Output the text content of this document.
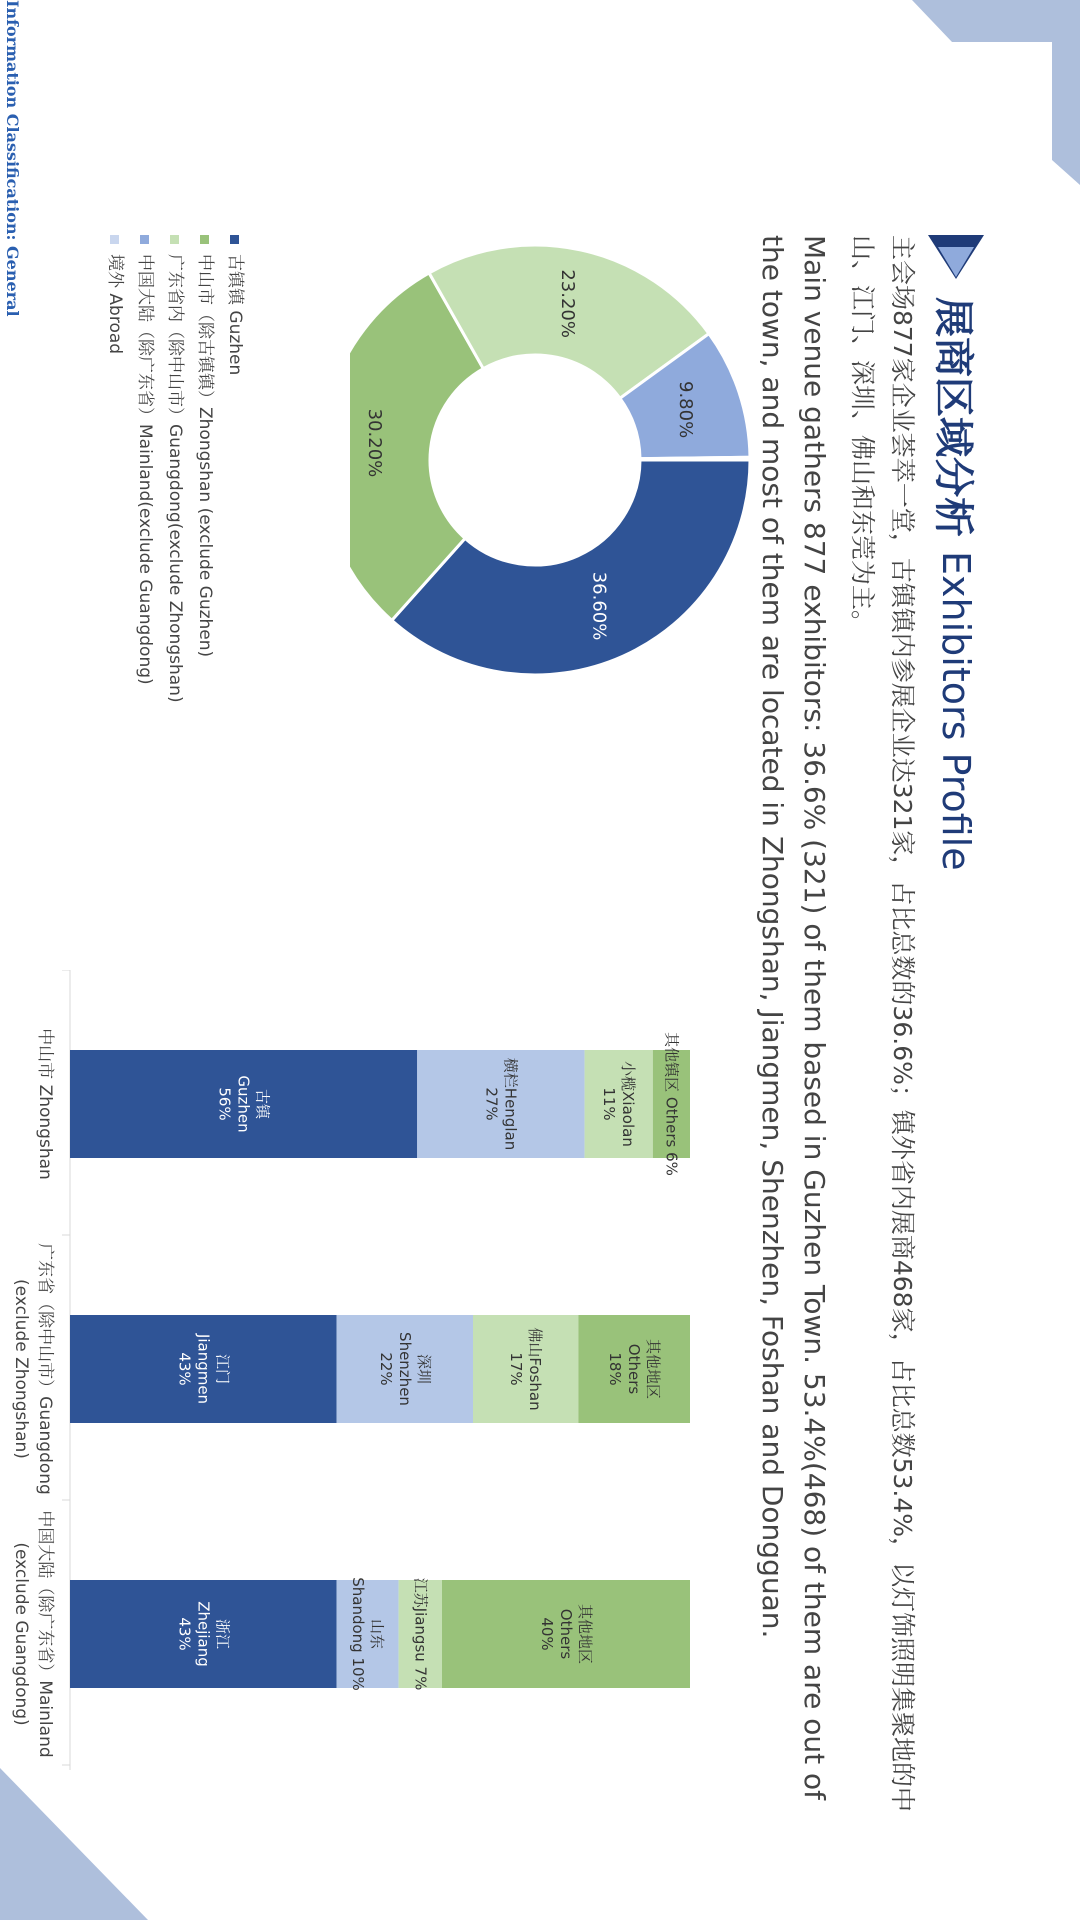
展商区域分析
Exhibitors Profile
主会场877家企业荟萃一堂，古镇镇内参展企业达321家，占比总数的36.6%；镇外省内展商468家，占比总数53.4%，以灯饰照明集聚地的中山、江门、深圳、佛山和东莞为主。
Main venue gathers 877 exhibitors: 36.6% (321) of them based in Guzhen Town. 53.4%(468) of them are out of the town, and most of them are located in Zhongshan, Jiangmen, Shenzhen, Foshan and Dongguan.
36.60%
30.20%
23.20%
9.80%
古镇镇 Guzhen
中山市（除古镇镇）Zhongshan (exclude Guzhen)
广东省内（除中山市）Guangdong(exclude Zhongshan)
中国大陆（除广东省）Mainland(exclude Guangdong)
境外 Abroad
古镇Guzhen56%	横栏Henglan27%	小榄Xiaolan11%	其他镇区 Others 6%
中山市 Zhongshan
江门Jiangmen43%	深圳Shenzhen22%	佛山Foshan17%	其他地区Others18%
广东省（除中山市）Guangdong(exclude Zhongshan)
浙江Zhejiang43%	山东Shandong 10%	江苏Jiangsu 7%	其他地区Others40%
中国大陆（除广东省）Mainland(exclude Guangdong)
Information Classification: General
